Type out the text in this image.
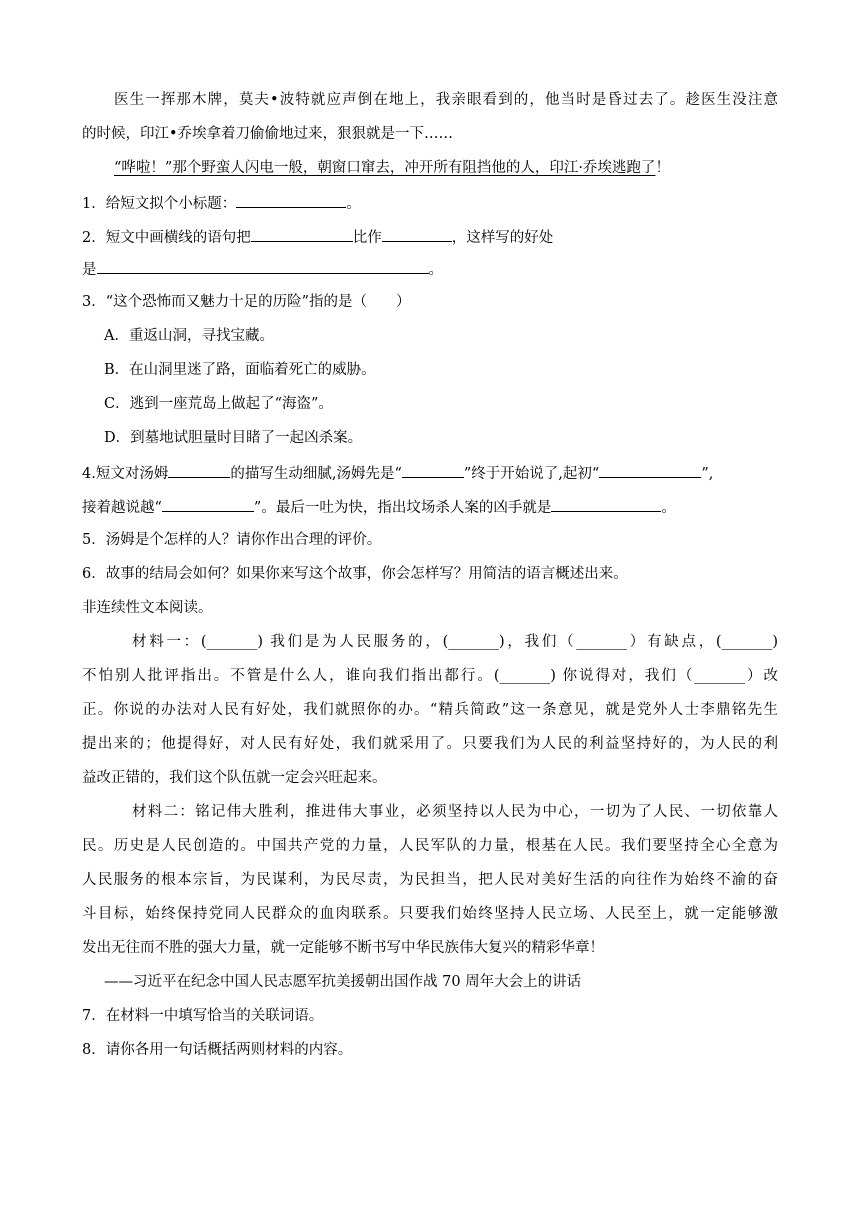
医生一挥那木牌，莫夫•波特就应声倒在地上，我亲眼看到的，他当时是昏过去了。趁医生没注意
的时候，印江•乔埃拿着刀偷偷地过来，狠狠就是一下……
“哗啦！”那个野蛮人闪电一般，朝窗口窜去，冲开所有阻挡他的人，印江·乔埃逃跑了！
1．给短文拟个小标题：	。
2．短文中画横线的语句把	比作	，这样写的好处
是	。
3．“这个恐怖而又魅力十足的历险”指的是（　　）
A．重返山洞，寻找宝藏。
B．在山洞里迷了路，面临着死亡的威胁。
C．逃到一座荒岛上做起了“海盗”。
D．到墓地试胆量时目睹了一起凶杀案。
4.短文对汤姆	的描写生动细腻,汤姆先是“	”终于开始说了,起初“	”,
接着越说越“	”。最后一吐为快，指出坟场杀人案的凶手就是	。
5．汤姆是个怎样的人？请你作出合理的评价。
6．故事的结局会如何？如果你来写这个故事，你会怎样写？用简洁的语言概述出来。
非连续性文本阅读。
材料一：(_______) 我们是为人民服务的，(_______)，我们（_______）有缺点，(_______)
不怕别人批评指出。不管是什么人，谁向我们指出都行。(_______) 你说得对，我们（_______）改
正。你说的办法对人民有好处，我们就照你的办。“精兵简政”这一条意见，就是党外人士李鼎铭先生
提出来的；他提得好，对人民有好处，我们就采用了。只要我们为人民的利益坚持好的，为人民的利
益改正错的，我们这个队伍就一定会兴旺起来。
材料二：铭记伟大胜利，推进伟大事业，必须坚持以人民为中心，一切为了人民、一切依靠人
民。历史是人民创造的。中国共产党的力量，人民军队的力量，根基在人民。我们要坚持全心全意为
人民服务的根本宗旨，为民谋利，为民尽责，为民担当，把人民对美好生活的向往作为始终不渝的奋
斗目标，始终保持党同人民群众的血肉联系。只要我们始终坚持人民立场、人民至上，就一定能够激
发出无往而不胜的强大力量，就一定能够不断书写中华民族伟大复兴的精彩华章！
——习近平在纪念中国人民志愿军抗美援朝出国作战 70 周年大会上的讲话
7．在材料一中填写恰当的关联词语。
8．请你各用一句话概括两则材料的内容。
